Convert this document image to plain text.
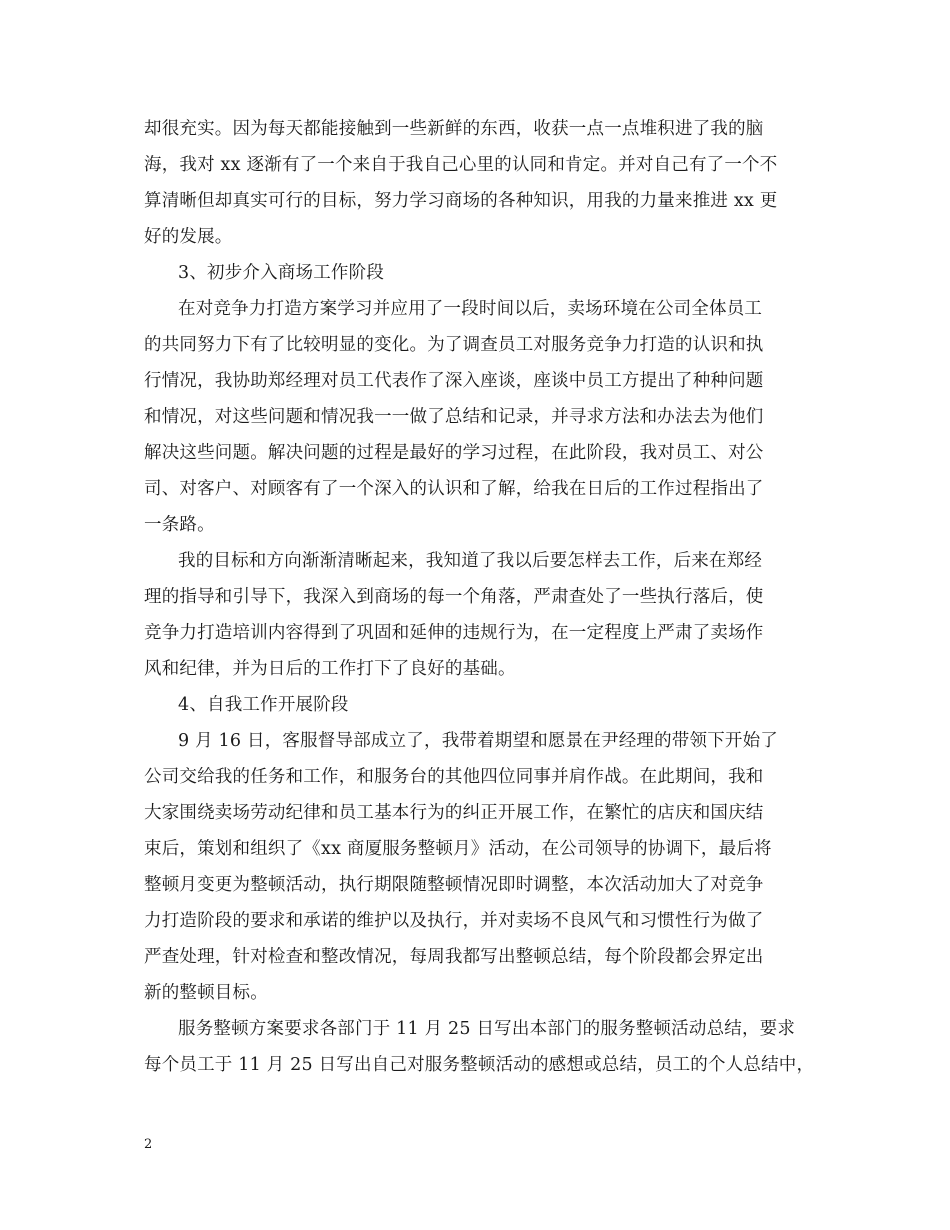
却很充实。因为每天都能接触到一些新鲜的东西，收获一点一点堆积进了我的脑
海，我对 xx 逐渐有了一个来自于我自己心里的认同和肯定。并对自己有了一个不
算清晰但却真实可行的目标，努力学习商场的各种知识，用我的力量来推进 xx 更
好的发展。
3、初步介入商场工作阶段
在对竞争力打造方案学习并应用了一段时间以后，卖场环境在公司全体员工
的共同努力下有了比较明显的变化。为了调查员工对服务竞争力打造的认识和执
行情况，我协助郑经理对员工代表作了深入座谈，座谈中员工方提出了种种问题
和情况，对这些问题和情况我一一做了总结和记录，并寻求方法和办法去为他们
解决这些问题。解决问题的过程是最好的学习过程，在此阶段，我对员工、对公
司、对客户、对顾客有了一个深入的认识和了解，给我在日后的工作过程指出了
一条路。
我的目标和方向渐渐清晰起来，我知道了我以后要怎样去工作，后来在郑经
理的指导和引导下，我深入到商场的每一个角落，严肃查处了一些执行落后，使
竞争力打造培训内容得到了巩固和延伸的违规行为，在一定程度上严肃了卖场作
风和纪律，并为日后的工作打下了良好的基础。
4、自我工作开展阶段
9 月 16 日，客服督导部成立了，我带着期望和愿景在尹经理的带领下开始了
公司交给我的任务和工作，和服务台的其他四位同事并肩作战。在此期间，我和
大家围绕卖场劳动纪律和员工基本行为的纠正开展工作，在繁忙的店庆和国庆结
束后，策划和组织了《xx 商厦服务整顿月》活动，在公司领导的协调下，最后将
整顿月变更为整顿活动，执行期限随整顿情况即时调整，本次活动加大了对竞争
力打造阶段的要求和承诺的维护以及执行，并对卖场不良风气和习惯性行为做了
严查处理，针对检查和整改情况，每周我都写出整顿总结，每个阶段都会界定出
新的整顿目标。
服务整顿方案要求各部门于 11 月 25 日写出本部门的服务整顿活动总结，要求
每个员工于 11 月 25 日写出自己对服务整顿活动的感想或总结，员工的个人总结中，
2
